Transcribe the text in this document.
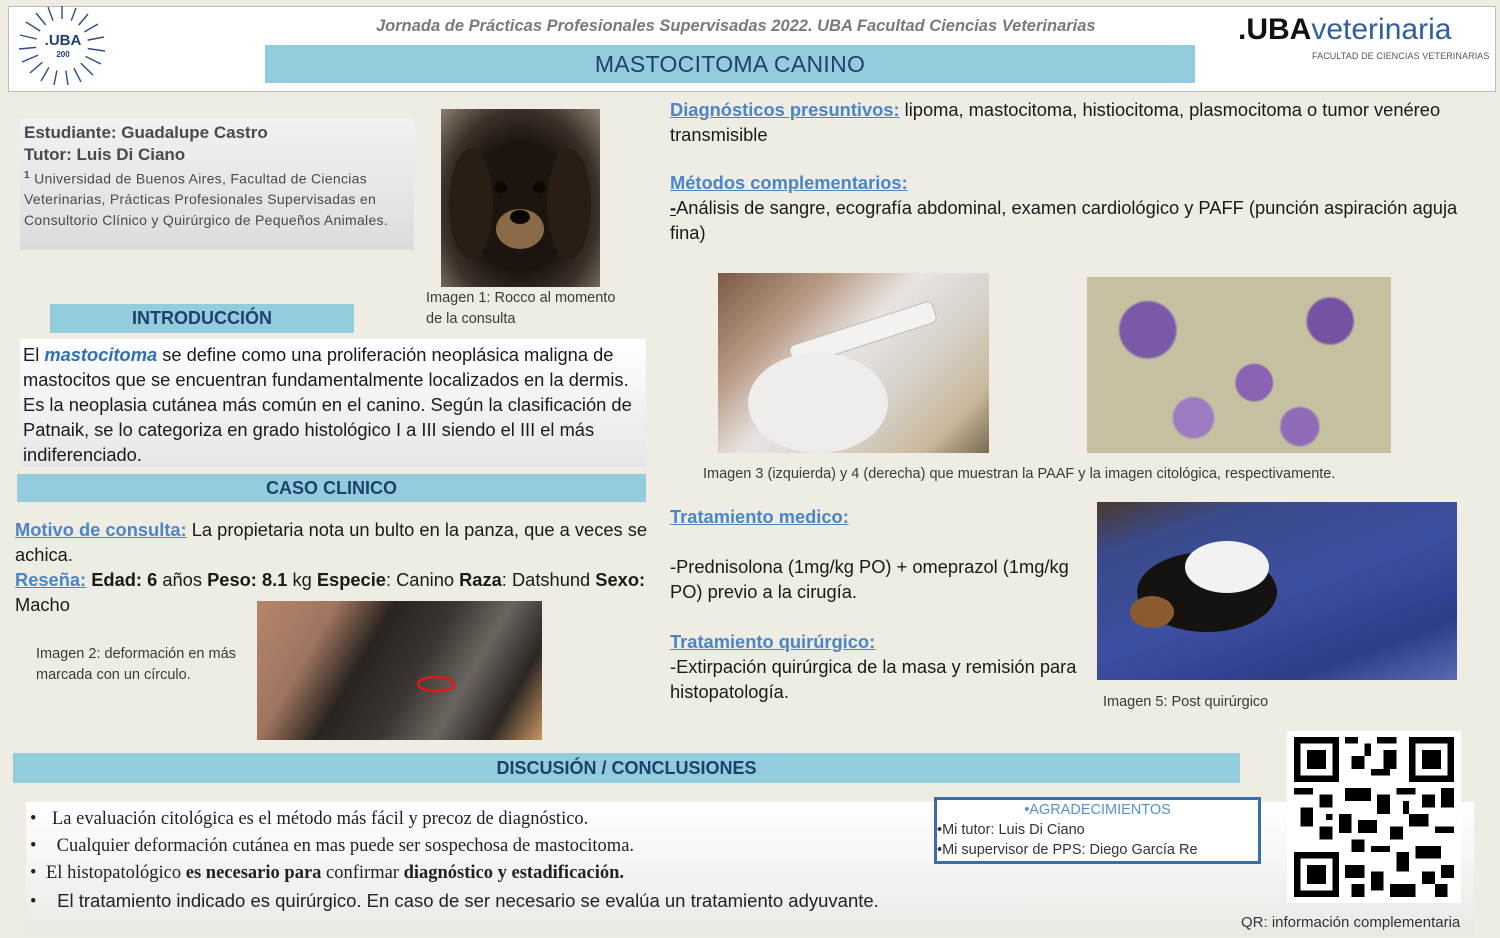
.UBA
200
Jornada de Prácticas Profesionales Supervisadas 2022. UBA Facultad Ciencias Veterinarias
MASTOCITOMA CANINO
.UBAveterinaria
FACULTAD DE CIENCIAS VETERINARIAS
Estudiante: Guadalupe Castro
Tutor: Luis Di Ciano
$^1$ Universidad de Buenos Aires, Facultad de Ciencias Veterinarias, Prácticas Profesionales Supervisadas en Consultorio Clínico y Quirúrgico de Pequeños Animales.
Imagen 1: Rocco al momento de la consulta
INTRODUCCIÓN
El mastocitoma se define como una proliferación neoplásica maligna de mastocitos que se encuentran fundamentalmente localizados en la dermis. Es la neoplasia cutánea más común en el canino. Según la clasificación de Patnaik, se lo categoriza en grado histológico I a III siendo el III el más indiferenciado.
CASO CLINICO
Motivo de consulta: La propietaria nota un bulto en la panza, que a veces se achica.
Reseña: Edad: 6 años Peso: 8.1 kg Especie: Canino Raza: Datshund Sexo: Macho
Imagen 2: deformación en más marcada con un círculo.
Diagnósticos presuntivos: lipoma, mastocitoma, histiocitoma, plasmocitoma o tumor venéreo transmisible
Métodos complementarios:
-Análisis de sangre, ecografía abdominal, examen cardiológico y PAFF (punción aspiración aguja fina)
Imagen 3 (izquierda) y 4 (derecha) que muestran la PAAF y la imagen citológica, respectivamente.
Tratamiento medico:

-Prednisolona (1mg/kg PO) + omeprazol (1mg/kg PO) previo a la cirugía.
Tratamiento quirúrgico:
-Extirpación quirúrgica de la masa y remisión para histopatología.	Imagen 5: Post quirúrgico
DISCUSIÓN / CONCLUSIONES
• La evaluación citológica es el método más fácil y precoz de diagnóstico.
• Cualquier deformación cutánea en mas puede ser sospechosa de mastocitoma.
• El histopatológico es necesario para confirmar diagnóstico y estadificación.
• El tratamiento indicado es quirúrgico. En caso de ser necesario se evalúa un tratamiento adyuvante.
•AGRADECIMIENTOS
•Mi tutor: Luis Di Ciano
•Mi supervisor de PPS: Diego García Re
QR: información complementaria
